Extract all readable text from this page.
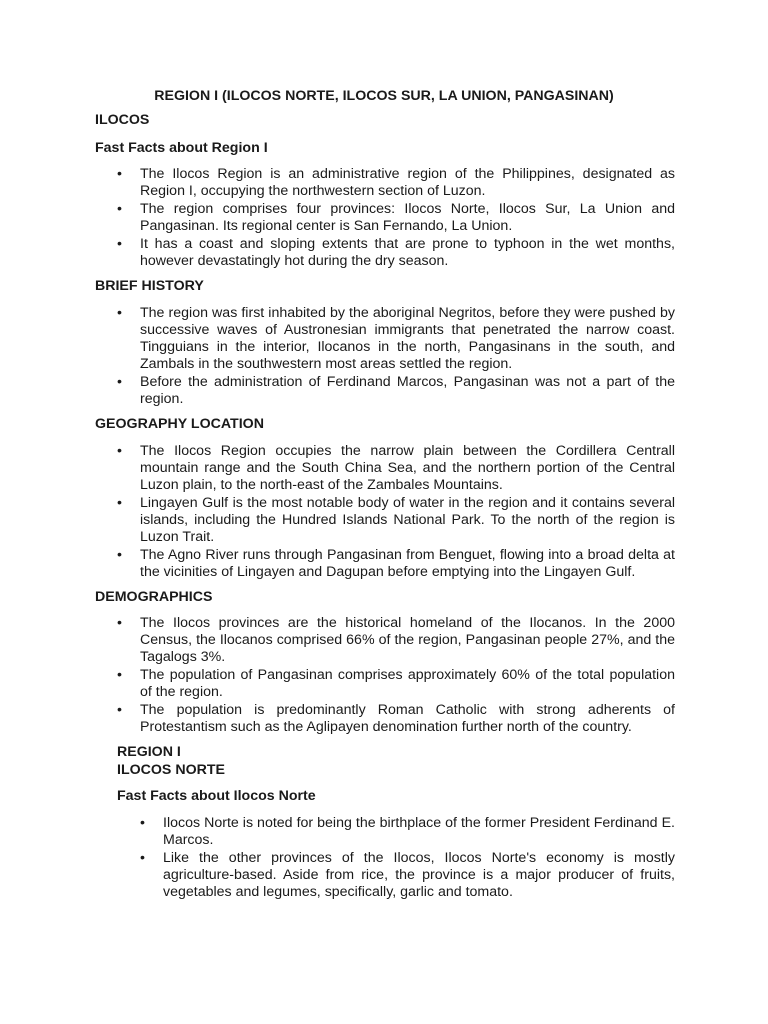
REGION I (ILOCOS NORTE, ILOCOS SUR, LA UNION, PANGASINAN)
ILOCOS
Fast Facts about Region I
•	The Ilocos Region is an administrative region of the Philippines, designated as Region I, occupying the northwestern section of Luzon.
•	The region comprises four provinces: Ilocos Norte, Ilocos Sur, La Union and Pangasinan. Its regional center is San Fernando, La Union.
•	It has a coast and sloping extents that are prone to typhoon in the wet months, however devastatingly hot during the dry season.
BRIEF HISTORY
•	The region was first inhabited by the aboriginal Negritos, before they were pushed by successive waves of Austronesian immigrants that penetrated the narrow coast. Tingguians in the interior, Ilocanos in the north, Pangasinans in the south, and Zambals in the southwestern most areas settled the region.
•	Before the administration of Ferdinand Marcos, Pangasinan was not a part of the region.
GEOGRAPHY LOCATION
•	The Ilocos Region occupies the narrow plain between the Cordillera Centrall mountain range and the South China Sea, and the northern portion of the Central Luzon plain, to the north-east of the Zambales Mountains.
•	Lingayen Gulf is the most notable body of water in the region and it contains several islands, including the Hundred Islands National Park. To the north of the region is Luzon Trait.
•	The Agno River runs through Pangasinan from Benguet, flowing into a broad delta at the vicinities of Lingayen and Dagupan before emptying into the Lingayen Gulf.
DEMOGRAPHICS
•	The Ilocos provinces are the historical homeland of the Ilocanos. In the 2000 Census, the Ilocanos comprised 66% of the region, Pangasinan people 27%, and the Tagalogs 3%.
•	The population of Pangasinan comprises approximately 60% of the total population of the region.
•	The population is predominantly Roman Catholic with strong adherents of Protestantism such as the Aglipayen denomination further north of the country.
REGION I
ILOCOS NORTE
Fast Facts about Ilocos Norte
•	Ilocos Norte is noted for being the birthplace of the former President Ferdinand E. Marcos.
•	Like the other provinces of the Ilocos, Ilocos Norte's economy is mostly agriculture-based. Aside from rice, the province is a major producer of fruits, vegetables and legumes, specifically, garlic and tomato.
